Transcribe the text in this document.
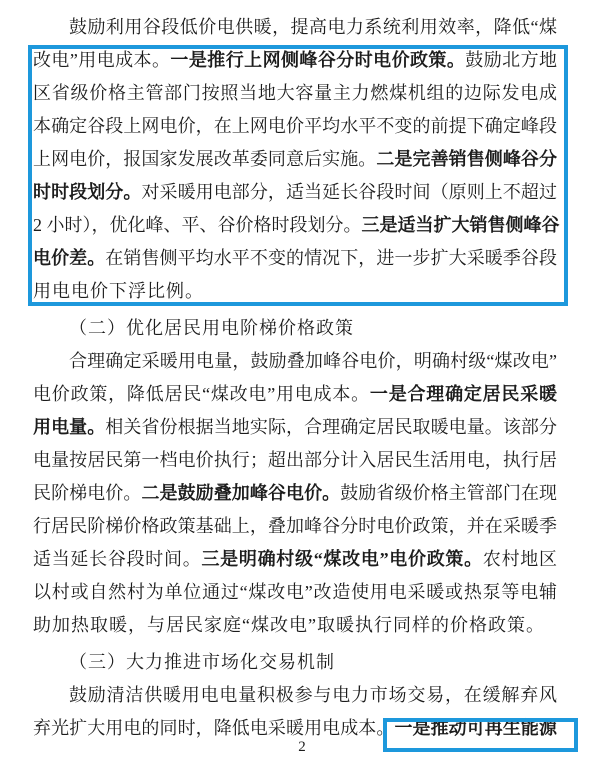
鼓励利用谷段低价电供暖，提高电力系统利用效率，降低“煤
改电”用电成本。一是推行上网侧峰谷分时电价政策。鼓励北方地
区省级价格主管部门按照当地大容量主力燃煤机组的边际发电成
本确定谷段上网电价，在上网电价平均水平不变的前提下确定峰段
上网电价，报国家发展改革委同意后实施。二是完善销售侧峰谷分
时时段划分。对采暖用电部分，适当延长谷段时间（原则上不超过
2 小时），优化峰、平、谷价格时段划分。三是适当扩大销售侧峰谷
电价差。在销售侧平均水平不变的情况下，进一步扩大采暖季谷段
用电电价下浮比例。
（二）优化居民用电阶梯价格政策
合理确定采暖用电量，鼓励叠加峰谷电价，明确村级“煤改电”
电价政策，降低居民“煤改电”用电成本。一是合理确定居民采暖
用电量。相关省份根据当地实际，合理确定居民取暖电量。该部分
电量按居民第一档电价执行；超出部分计入居民生活用电，执行居
民阶梯电价。二是鼓励叠加峰谷电价。鼓励省级价格主管部门在现
行居民阶梯价格政策基础上，叠加峰谷分时电价政策，并在采暖季
适当延长谷段时间。三是明确村级“煤改电”电价政策。农村地区
以村或自然村为单位通过“煤改电”改造使用电采暖或热泵等电辅
助加热取暖，与居民家庭“煤改电”取暖执行同样的价格政策。
（三）大力推进市场化交易机制
鼓励清洁供暖用电电量积极参与电力市场交易，在缓解弃风
弃光扩大用电的同时，降低电采暖用电成本。一是推动可再生能源
2
